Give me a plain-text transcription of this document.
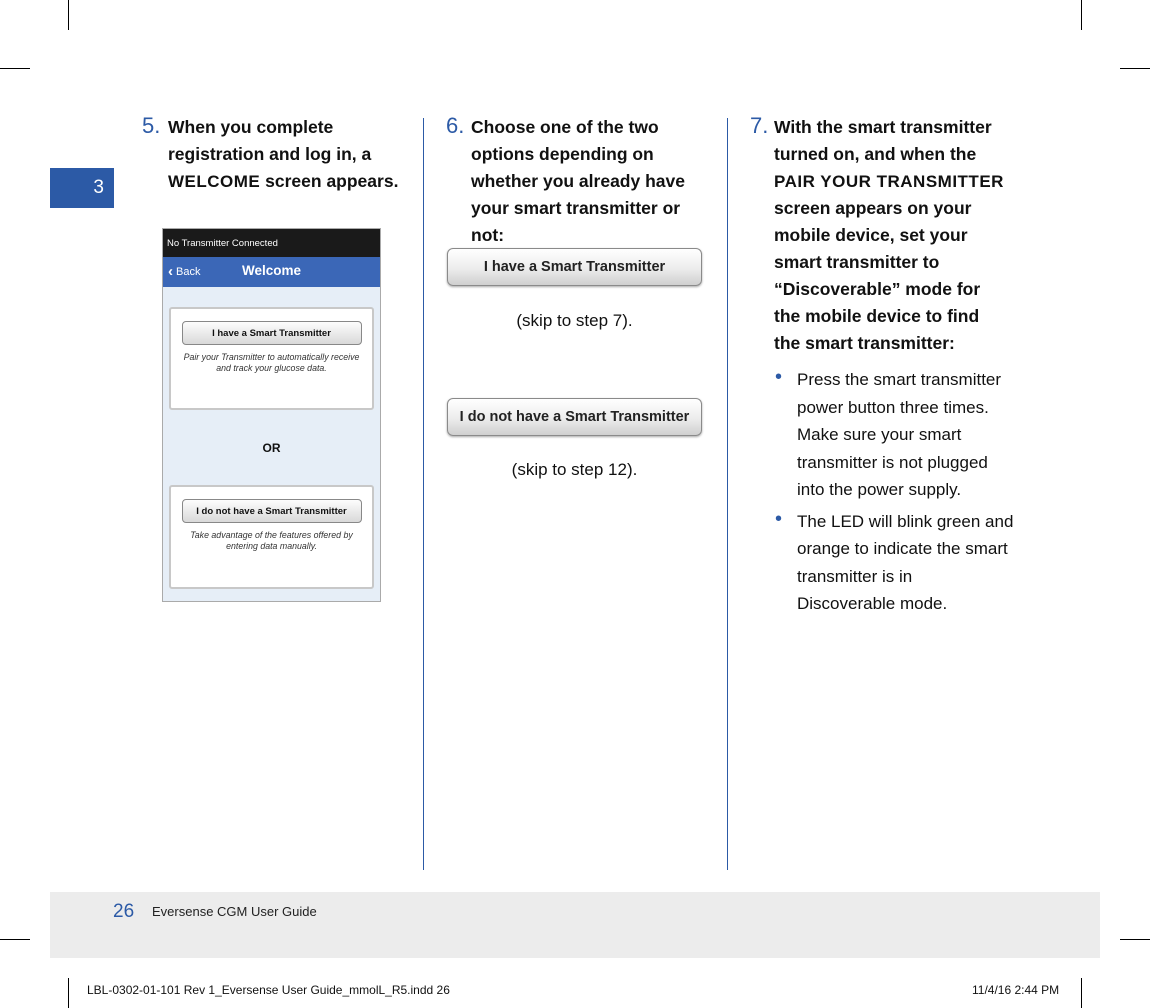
3
5. When you complete registration and log in, a WELCOME screen appears.
No Transmitter Connected
‹ Back	Welcome
I have a Smart Transmitter
Pair your Transmitter to automatically receive and track your glucose data.
OR
I do not have a Smart Transmitter
Take advantage of the features offered by entering data manually.
6. Choose one of the two options depending on whether you already have your smart transmitter or not:
I have a Smart Transmitter
(skip to step 7).
I do not have a Smart Transmitter
(skip to step 12).
7. With the smart transmitter turned on, and when the PAIR YOUR TRANSMITTER screen appears on your mobile device, set your smart transmitter to “Discoverable” mode for the mobile device to find the smart transmitter:
• Press the smart transmitter power button three times. Make sure your smart transmitter is not plugged into the power supply.
• The LED will blink green and orange to indicate the smart transmitter is in Discoverable mode.
26 Eversense CGM User Guide
LBL-0302-01-101 Rev 1_Eversense User Guide_mmolL_R5.indd 26	11/4/16 2:44 PM
